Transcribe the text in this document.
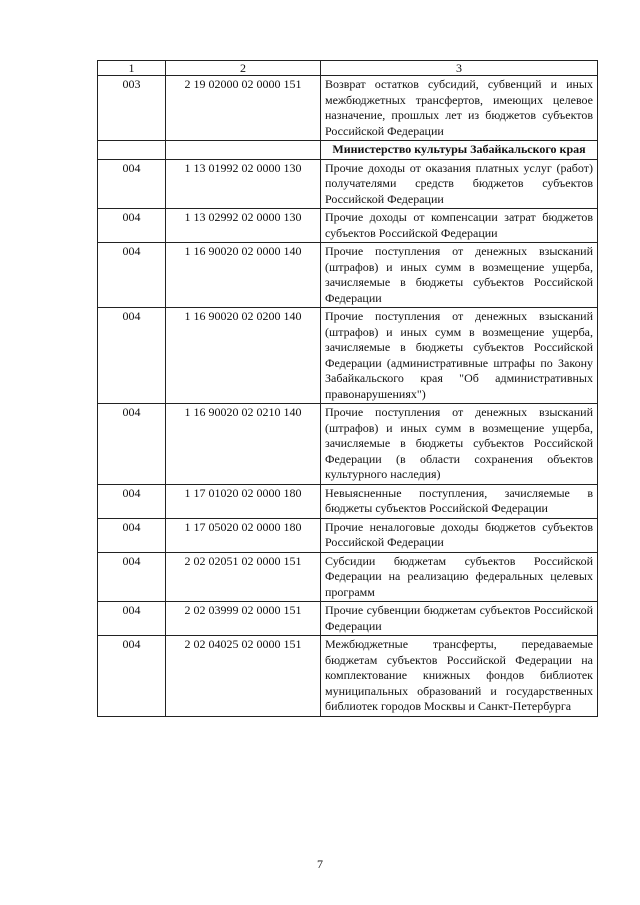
1	2	3
003	2 19 02000 02 0000 151	Возврат остатков субсидий, субвенций и иных межбюджетных трансфертов, имеющих целевое назначение, прошлых лет из бюджетов субъектов Российской Федерации
		Министерство культуры Забайкальского края
004	1 13 01992 02 0000 130	Прочие доходы от оказания платных услуг (работ) получателями средств бюджетов субъектов Российской Федерации
004	1 13 02992 02 0000 130	Прочие доходы от компенсации затрат бюджетов субъектов Российской Федерации
004	1 16 90020 02 0000 140	Прочие поступления от денежных взысканий (штрафов) и иных сумм в возмещение ущерба, зачисляемые в бюджеты субъектов Российской Федерации
004	1 16 90020 02 0200 140	Прочие поступления от денежных взысканий (штрафов) и иных сумм в возмещение ущерба, зачисляемые в бюджеты субъектов Российской Федерации (административные штрафы по Закону Забайкальского края "Об административных правонарушениях")
004	1 16 90020 02 0210 140	Прочие поступления от денежных взысканий (штрафов) и иных сумм в возмещение ущерба, зачисляемые в бюджеты субъектов Российской Федерации (в области сохранения объектов культурного наследия)
004	1 17 01020 02 0000 180	Невыясненные поступления, зачисляемые в бюджеты субъектов Российской Федерации
004	1 17 05020 02 0000 180	Прочие неналоговые доходы бюджетов субъектов Российской Федерации
004	2 02 02051 02 0000 151	Субсидии бюджетам субъектов Российской Федерации на реализацию федеральных целевых программ
004	2 02 03999 02 0000 151	Прочие субвенции бюджетам субъектов Российской Федерации
004	2 02 04025 02 0000 151	Межбюджетные трансферты, передаваемые бюджетам субъектов Российской Федерации на комплектование книжных фондов библиотек муниципальных образований и государственных библиотек городов Москвы и Санкт-Петербурга
7
